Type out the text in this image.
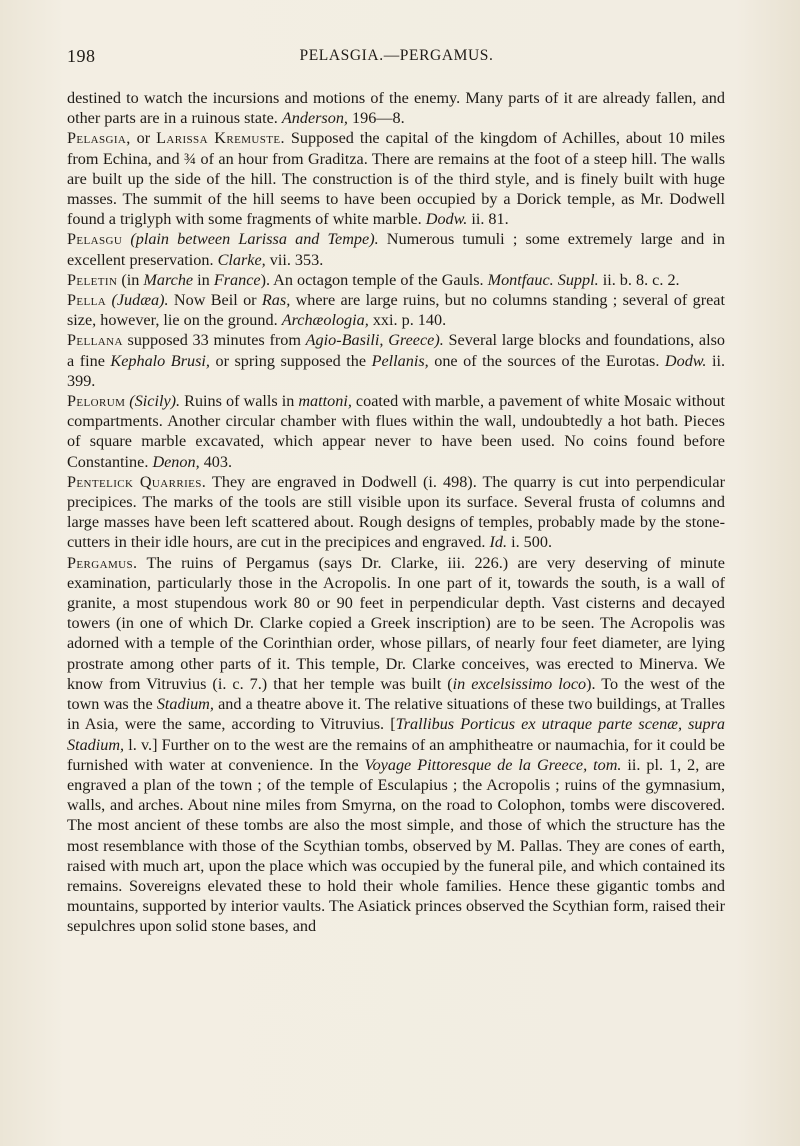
198	PELASGIA.—PERGAMUS.

destined to watch the incursions and motions of the enemy. Many parts of it are already fallen, and other parts are in a ruinous state. Anderson, 196—8.

Pelasgia, or Larissa Kremuste. Supposed the capital of the kingdom of Achilles, about 10 miles from Echina, and ¾ of an hour from Graditza. There are remains at the foot of a steep hill. The walls are built up the side of the hill. The construction is of the third style, and is finely built with huge masses. The summit of the hill seems to have been occupied by a Dorick temple, as Mr. Dodwell found a triglyph with some fragments of white marble. Dodw. ii. 81.

Pelasgu (plain between Larissa and Tempe). Numerous tumuli ; some extremely large and in excellent preservation. Clarke, vii. 353.

Peletin (in Marche in France). An octagon temple of the Gauls. Montfauc. Suppl. ii. b. 8. c. 2.

Pella (Judæa). Now Beil or Ras, where are large ruins, but no columns standing ; several of great size, however, lie on the ground. Archæologia, xxi. p. 140.

Pellana supposed 33 minutes from Agio-Basili, Greece). Several large blocks and foundations, also a fine Kephalo Brusi, or spring supposed the Pellanis, one of the sources of the Eurotas. Dodw. ii. 399.

Pelorum (Sicily). Ruins of walls in mattoni, coated with marble, a pavement of white Mosaic without compartments. Another circular chamber with flues within the wall, undoubtedly a hot bath. Pieces of square marble excavated, which appear never to have been used. No coins found before Constantine. Denon, 403.

Pentelick Quarries. They are engraved in Dodwell (i. 498). The quarry is cut into perpendicular precipices. The marks of the tools are still visible upon its surface. Several frusta of columns and large masses have been left scattered about. Rough designs of temples, probably made by the stone-cutters in their idle hours, are cut in the precipices and engraved. Id. i. 500.

Pergamus. The ruins of Pergamus (says Dr. Clarke, iii. 226.) are very deserving of minute examination, particularly those in the Acropolis. In one part of it, towards the south, is a wall of granite, a most stupendous work 80 or 90 feet in perpendicular depth. Vast cisterns and decayed towers (in one of which Dr. Clarke copied a Greek inscription) are to be seen. The Acropolis was adorned with a temple of the Corinthian order, whose pillars, of nearly four feet diameter, are lying prostrate among other parts of it. This temple, Dr. Clarke conceives, was erected to Minerva. We know from Vitruvius (i. c. 7.) that her temple was built (in excelsissimo loco). To the west of the town was the Stadium, and a theatre above it. The relative situations of these two buildings, at Tralles in Asia, were the same, according to Vitruvius. [Trallibus Porticus ex utraque parte scenæ, supra Stadium, l. v.] Further on to the west are the remains of an amphitheatre or naumachia, for it could be furnished with water at convenience. In the Voyage Pittoresque de la Greece, tom. ii. pl. 1, 2, are engraved a plan of the town ; of the temple of Esculapius ; the Acropolis ; ruins of the gymnasium, walls, and arches. About nine miles from Smyrna, on the road to Colophon, tombs were discovered. The most ancient of these tombs are also the most simple, and those of which the structure has the most resemblance with those of the Scythian tombs, observed by M. Pallas. They are cones of earth, raised with much art, upon the place which was occupied by the funeral pile, and which contained its remains. Sovereigns elevated these to hold their whole families. Hence these gigantic tombs and mountains, supported by interior vaults. The Asiatick princes observed the Scythian form, raised their sepulchres upon solid stone bases, and
